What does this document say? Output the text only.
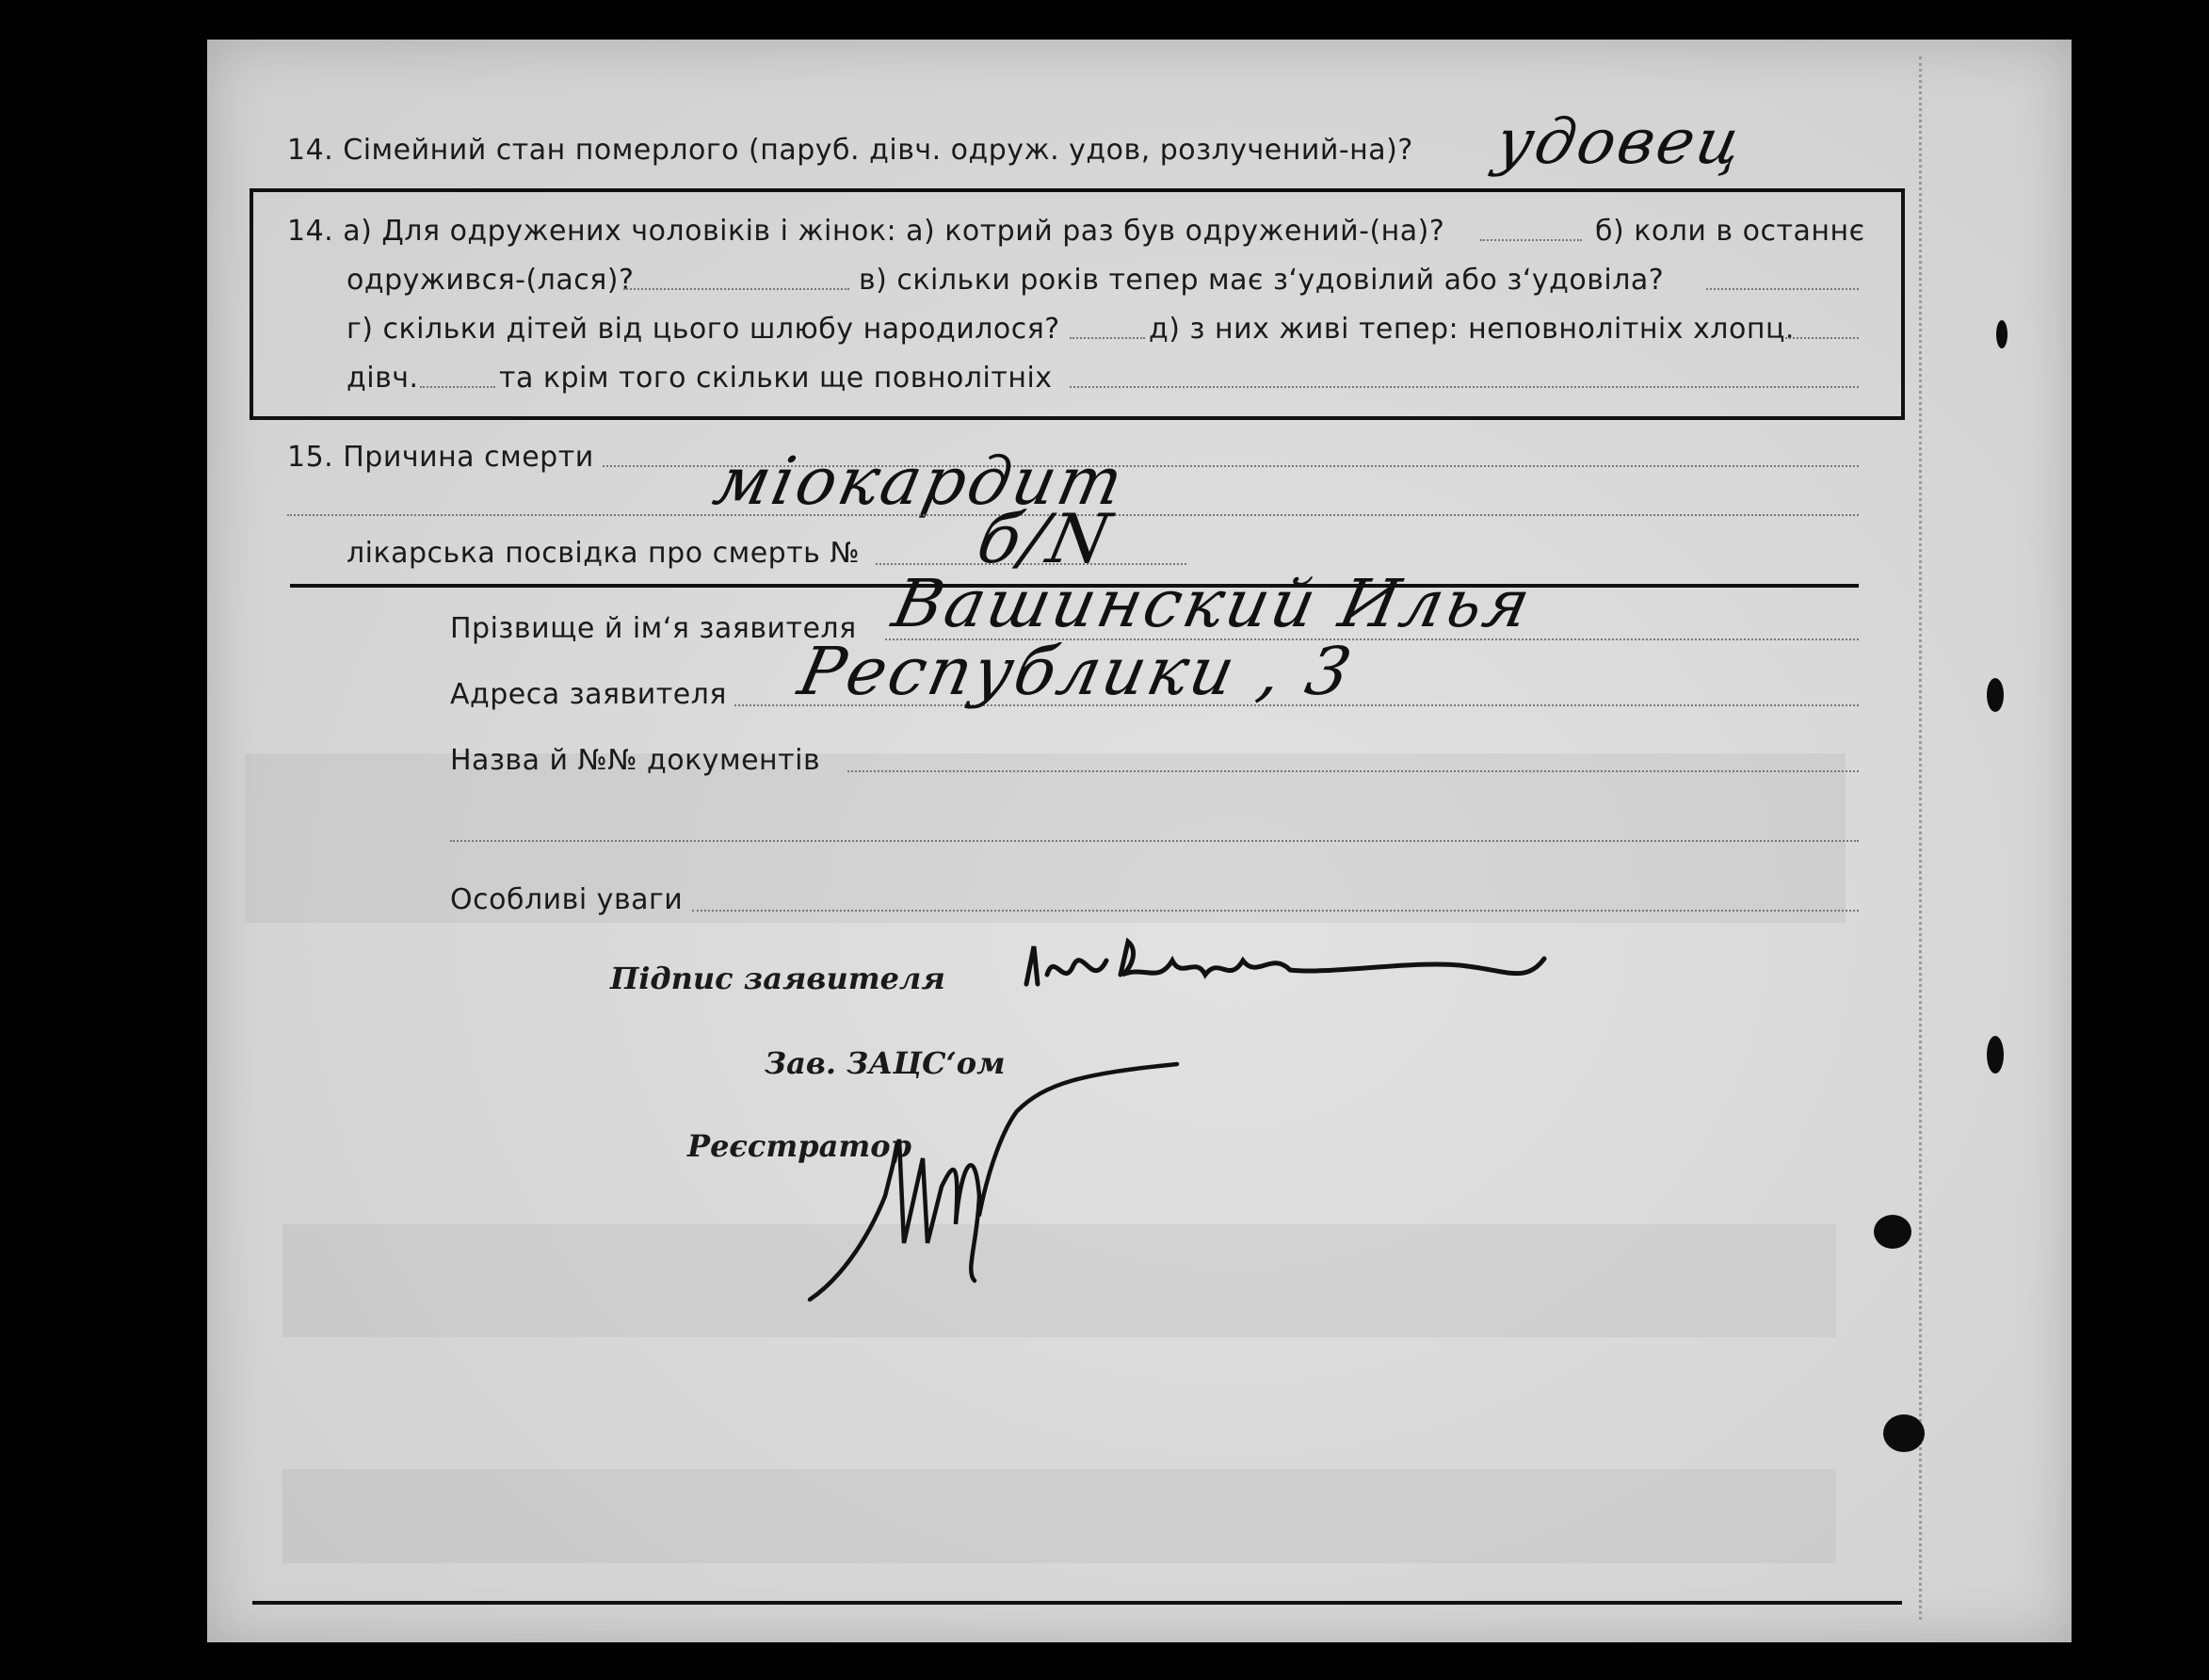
14. Сімейний стан померлого (паруб. дівч. одруж. удов, розлучений-на)? удовец
14. а) Для одружених чоловіків і жінок: а) котрий раз був одружений-(на)?	б) коли в останнє
одружився-(лася)?	в) скільки років тепер має з‘удовілий або з‘удовіла?
г) скільки дітей від цього шлюбу народилося?	д) з них живі тепер: неповнолітніх хлопц.
дівч.	та крім того скільки ще повнолітніх
15. Причина смерти міокардит
лікарська посвідка про смерть № б/N
Прізвище й ім‘я заявителя Вашинский Илья
Адреса заявителя Республики , 3
Назва й №№ документів
Особливі уваги
Підпис заявителя
Зав. ЗАЦС‘ом
Реєстратор
